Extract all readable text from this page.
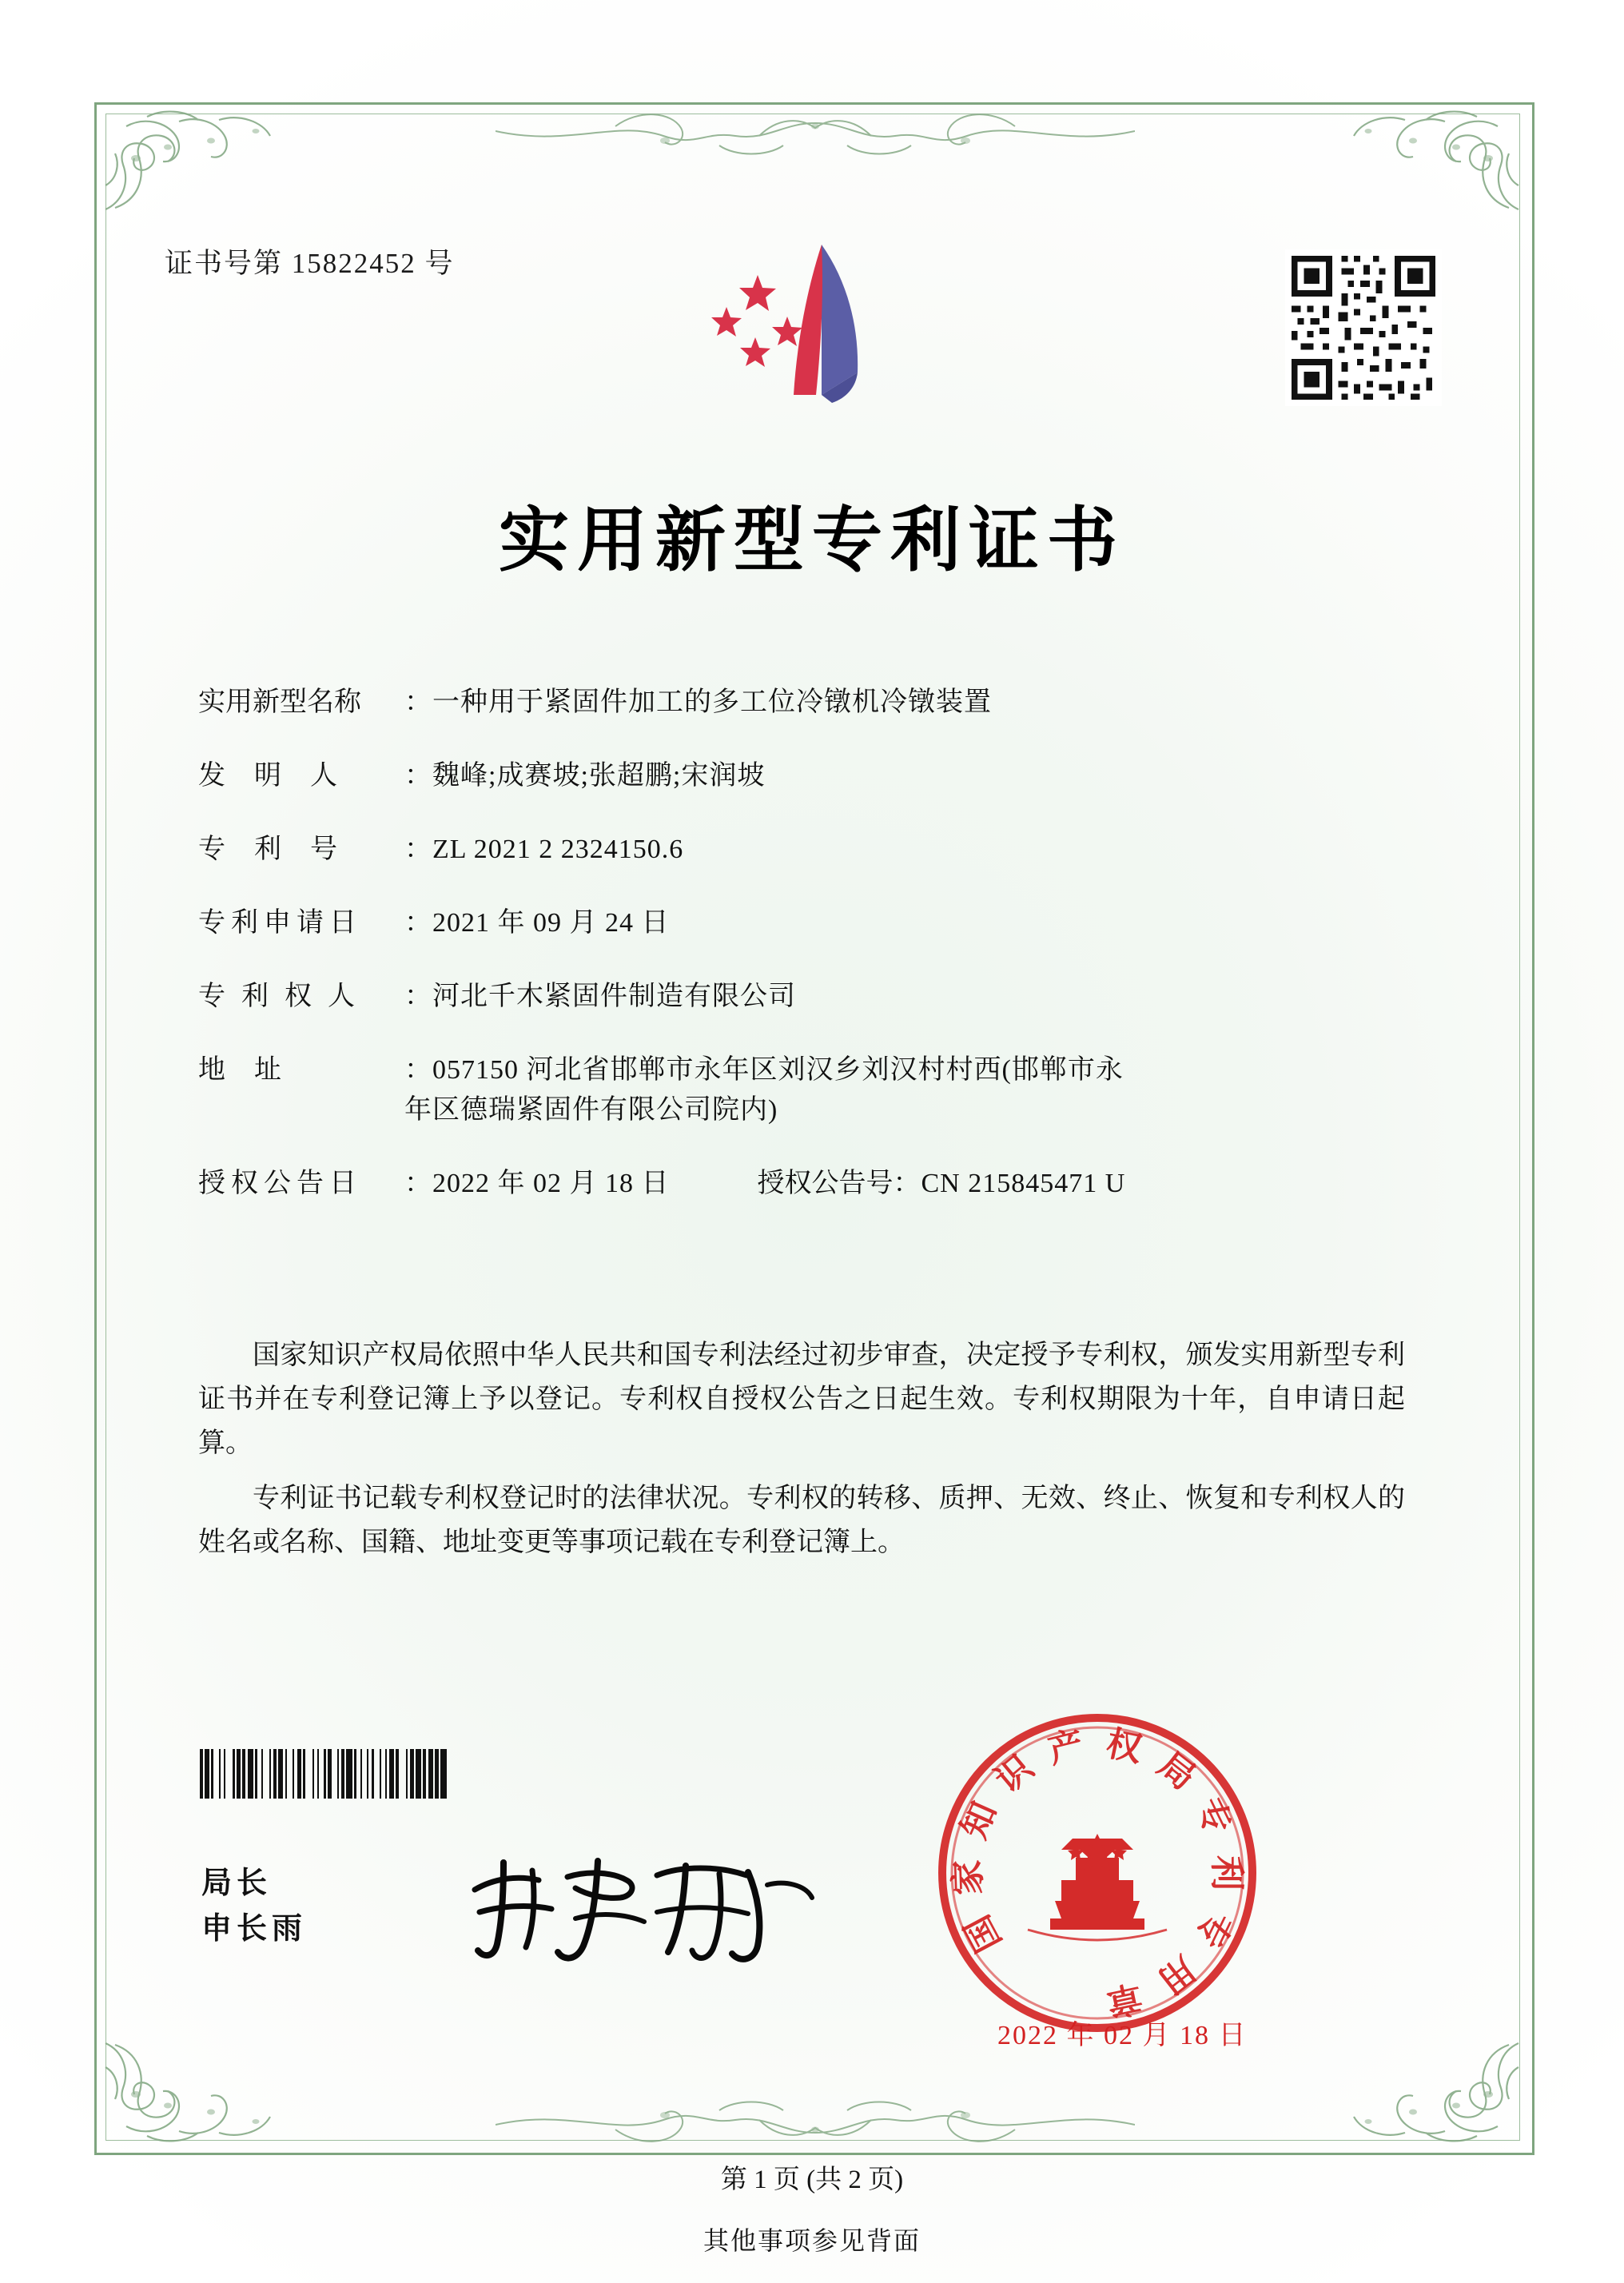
证书号第 15822452 号
实用新型专利证书
实用新型名称	：一种用于紧固件加工的多工位冷镦机冷镦装置
发明人	：魏峰;成赛坡;张超鹏;宋润坡
专利号	：ZL 2021 2 2324150.6
专利申请日	：2021 年 09 月 24 日
专利权人	：河北千木紧固件制造有限公司
地址	：057150 河北省邯郸市永年区刘汉乡刘汉村村西(邯郸市永
年区德瑞紧固件有限公司院内)
授权公告日	：2022 年 02 月 18 日	授权公告号 ：CN 215845471 U

国家知识产权局依照中华人民共和国专利法经过初步审查，决定授予专利权，颁发实用新型专利证书并在专利登记簿上予以登记。专利权自授权公告之日起生效。专利权期限为十年，自申请日起算。

专利证书记载专利权登记时的法律状况。专利权的转移、质押、无效、终止、恢复和专利权人的姓名或名称、国籍、地址变更等事项记载在专利登记簿上。

局长
申长雨	国
家
知
识 产 权 局
专
利
专
用
章
2022 年 02 月 18 日
第 1 页 (共 2 页)
其他事项参见背面
